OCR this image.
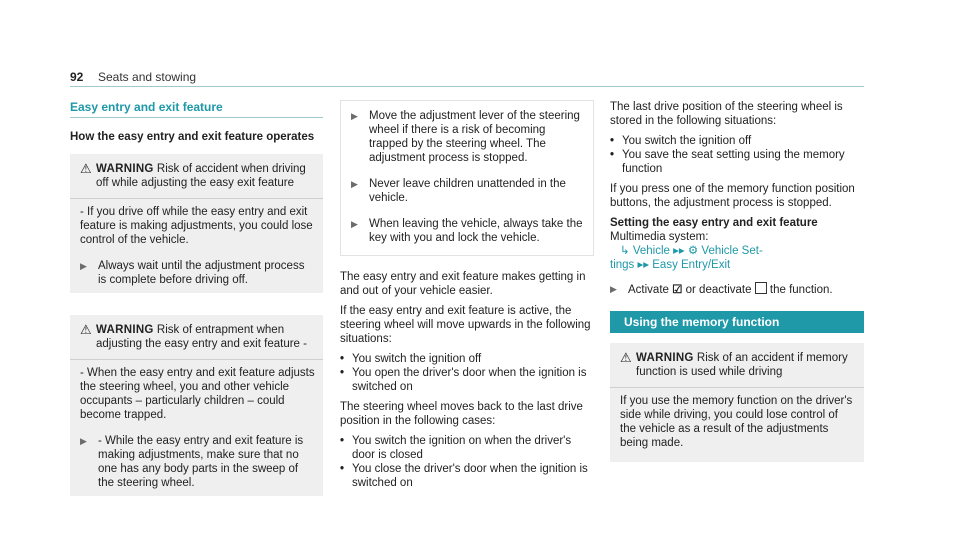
92 Seats and stowing
Easy entry and exit feature
How the easy entry and exit feature operates
⚠ WARNING Risk of accident when driving off while adjusting the easy exit feature

- If you drive off while the easy entry and exit feature is making adjustments, you could lose control of the vehicle.

▶ Always wait until the adjustment process is complete before driving off.
⚠ WARNING Risk of entrapment when adjusting the easy entry and exit feature -

- When the easy entry and exit feature adjusts the steering wheel, you and other vehicle occupants – particularly children – could become trapped.

▶ - While the easy entry and exit feature is making adjustments, make sure that no one has any body parts in the sweep of the steering wheel.
▶ Move the adjustment lever of the steering wheel if there is a risk of becoming trapped by the steering wheel. The adjustment process is stopped.
▶ Never leave children unattended in the vehicle.
▶ When leaving the vehicle, always take the key with you and lock the vehicle.

The easy entry and exit feature makes getting in and out of your vehicle easier.

If the easy entry and exit feature is active, the steering wheel will move upwards in the following situations:

• You switch the ignition off
• You open the driver's door when the ignition is switched on

The steering wheel moves back to the last drive position in the following cases:

• You switch the ignition on when the driver's door is closed
• You close the driver's door when the ignition is switched on

The last drive position of the steering wheel is stored in the following situations:

• You switch the ignition off
• You save the seat setting using the memory function

If you press one of the memory function position buttons, the adjustment process is stopped.

Setting the easy entry and exit feature
Multimedia system:
↳ Vehicle ▸▸ ⚙ Vehicle Set-
tings ▸▸ Easy Entry/Exit
▶ Activate ☑ or deactivate the function.
Using the memory function
⚠ WARNING Risk of an accident if memory function is used while driving

If you use the memory function on the driver's side while driving, you could lose control of the vehicle as a result of the adjustments being made.
